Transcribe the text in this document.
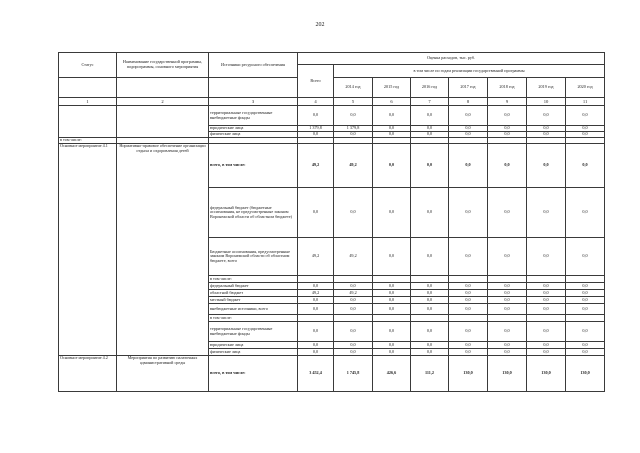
202
Статус	Наименование государственной программы, подпрограммы, основного мероприятия	Источники ресурсного обеспечения	Оценка расходов, тыс. руб.							
			Всего	в том числе по годам реализации государственной программы						
				2014 год	2015 год	2016 год	2017 год	2018 год	2019 год	2020 год
1	2	3	4	5	6	7	8	9	10	11
		территориальные государственные внебюджетные фонды	0,0	0,0	0,0	0,0	0,0	0,0	0,0	0,0
		юридические лица	1 379,8	1 379,8	0,0	0,0	0,0	0,0	0,0	0,0
		физические лица	0,0	0,0	0,0	0,0	0,0	0,0	0,0	0,0
в том числе:										
Основное мероприятие 4.1	Нормативно-правовое обеспечение организации отдыха и оздоровления детей	всего, в том числе:	49,2	49,2	0,0	0,0	0,0	0,0	0,0	0,0
		федеральный бюджет (бюджетные ассигнования, не предусмотренные законом Воронежской области об областном бюджете)	0,0	0,0	0,0	0,0	0,0	0,0	0,0	0,0
		Бюджетные ассигнования, предусмотренные законом Воронежской области об областном бюджете, всего	49,2	49,2	0,0	0,0	0,0	0,0	0,0	0,0
		в том числе:								
		федеральный бюджет	0,0	0,0	0,0	0,0	0,0	0,0	0,0	0,0
		областной бюджет	49,2	49,2	0,0	0,0	0,0	0,0	0,0	0,0
		местный бюджет	0,0	0,0	0,0	0,0	0,0	0,0	0,0	0,0
		внебюджетные источники, всего	0,0	0,0	0,0	0,0	0,0	0,0	0,0	0,0
		в том числе:								
		территориальные государственные внебюджетные фонды	0,0	0,0	0,0	0,0	0,0	0,0	0,0	0,0
		юридические лица	0,0	0,0	0,0	0,0	0,0	0,0	0,0	0,0
		физические лица	0,0	0,0	0,0	0,0	0,0	0,0	0,0	0,0
Основное мероприятие 4.2	Мероприятия по развитию палаточных административной среды	всего, в том числе:	3 452,4	1 745,8	426,6	111,2	130,0	130,0	130,0	130,0
